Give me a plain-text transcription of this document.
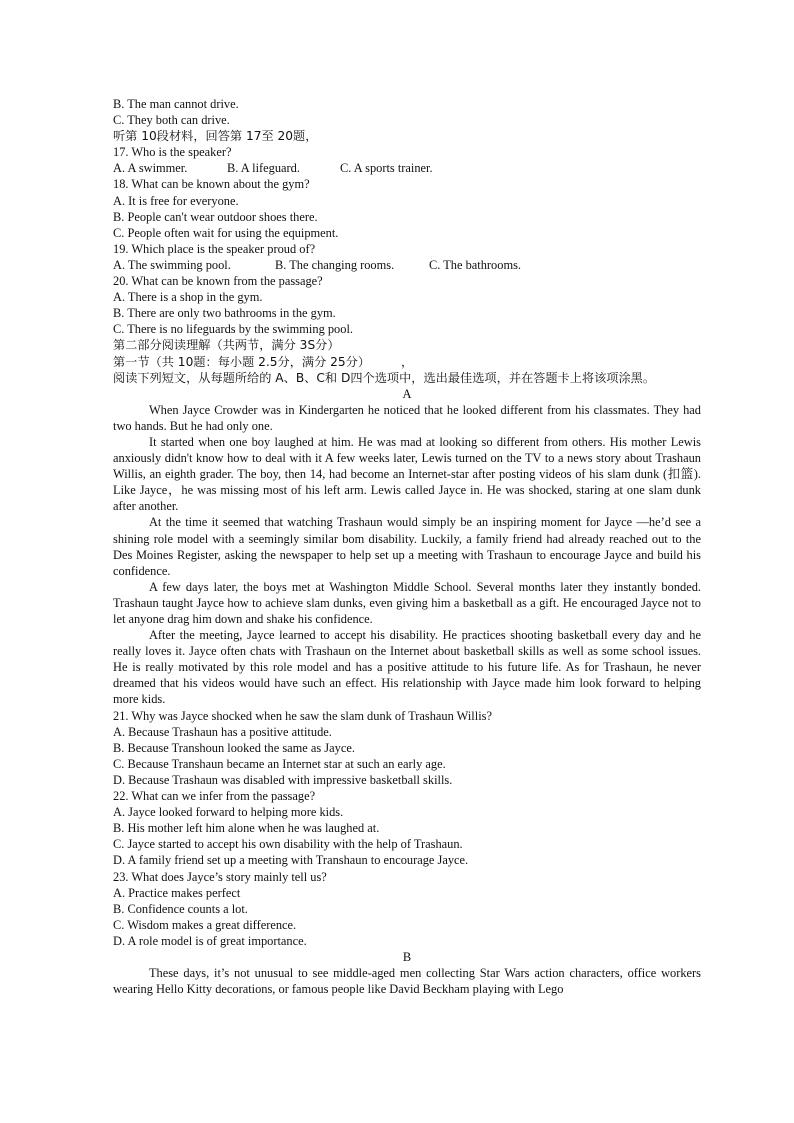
B. The man cannot drive.
C. They both can drive.
听第 10段材料，回答第 17至 20题，
17. Who is the speaker?
A. A swimmer.	B. A lifeguard.	C. A sports trainer.
18. What can be known about the gym?
A. It is free for everyone.
B. People can't wear outdoor shoes there.
C. People often wait for using the equipment.
19. Which place is the speaker proud of?
A. The swimming pool.	B. The changing rooms.	C. The bathrooms.
20. What can be known from the passage?
A. There is a shop in the gym.
B. There are only two bathrooms in the gym.
C. There is no lifeguards by the swimming pool.
第二部分阅读理解（共两节，满分 3S分）
第一节（共 10题：每小题 2.5分，满分 25分）        ，

阅读下列短文，从每题所给的 A、B、C和 D四个选项中，选出最佳选项，并在答题卡上将该项涂黑。

A

When Jayce Crowder was in Kindergarten he noticed that he looked different from his classmates. They had two hands. But he had only one.

It started when one boy laughed at him. He was mad at looking so different from others. His mother Lewis anxiously didn't know how to deal with it A few weeks later, Lewis turned on the TV to a news story about Trashaun Willis, an eighth grader. The boy, then 14, had become an Internet-star after posting videos of his slam dunk (扣篮). Like Jayce，he was missing most of his left arm. Lewis called Jayce in. He was shocked, staring at one slam dunk after another.

At the time it seemed that watching Trashaun would simply be an inspiring moment for Jayce —he’d see a shining role model with a seemingly similar bom disability. Luckily, a family friend had already reached out to the Des Moines Register, asking the newspaper to help set up a meeting with Trashaun to encourage Jayce and build his confidence.

A few days later, the boys met at Washington Middle School. Several months later they instantly bonded. Trashaun taught Jayce how to achieve slam dunks, even giving him a basketball as a gift. He encouraged Jayce not to let anyone drag him down and shake his confidence.

After the meeting, Jayce learned to accept his disability. He practices shooting basketball every day and he really loves it. Jayce often chats with Trashaun on the Internet about basketball skills as well as some school issues. He is really motivated by this role model and has a positive attitude to his future life. As for Trashaun, he never dreamed that his videos would have such an effect. His relationship with Jayce made him look forward to helping more kids.

21. Why was Jayce shocked when he saw the slam dunk of Trashaun Willis?
A. Because Trashaun has a positive attitude.
B. Because Transhoun looked the same as Jayce.
C. Because Transhaun became an Internet star at such an early age.
D. Because Trashaun was disabled with impressive basketball skills.
22. What can we infer from the passage?
A. Jayce looked forward to helping more kids.
B. His mother left him alone when he was laughed at.
C. Jayce started to accept his own disability with the help of Trashaun.
D. A family friend set up a meeting with Transhaun to encourage Jayce.
23. What does Jayce’s story mainly tell us?
A. Practice makes perfect
B. Confidence counts a lot.
C. Wisdom makes a great difference.
D. A role model is of great importance.
B

These days, it’s not unusual to see middle-aged men collecting Star Wars action characters, office workers wearing Hello Kitty decorations, or famous people like David Beckham playing with Lego
